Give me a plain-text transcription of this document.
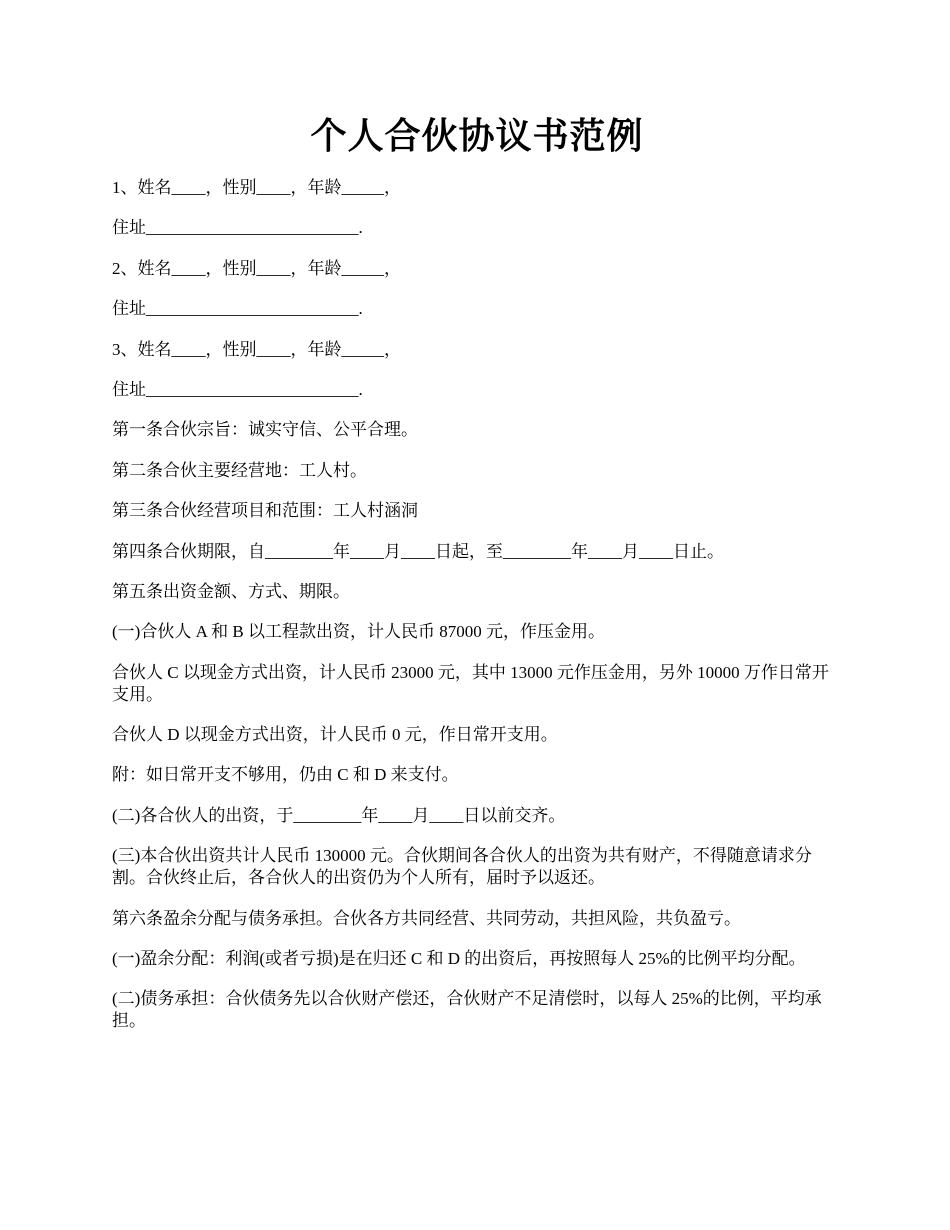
个人合伙协议书范例

1、姓名____，性别____，年龄_____，

住址_________________________.

2、姓名____，性别____，年龄_____，

住址_________________________.

3、姓名____，性别____，年龄_____，

住址_________________________.

第一条合伙宗旨：诚实守信、公平合理。

第二条合伙主要经营地：工人村。

第三条合伙经营项目和范围：工人村涵洞

第四条合伙期限，自________年____月____日起，至________年____月____日止。

第五条出资金额、方式、期限。

(一)合伙人 A 和 B 以工程款出资，计人民币 87000 元，作压金用。

合伙人 C 以现金方式出资，计人民币 23000 元，其中 13000 元作压金用，另外 10000 万作日常开支用。

合伙人 D 以现金方式出资，计人民币 0 元，作日常开支用。

附：如日常开支不够用，仍由 C 和 D 来支付。

(二)各合伙人的出资，于________年____月____日以前交齐。

(三)本合伙出资共计人民币 130000 元。合伙期间各合伙人的出资为共有财产，不得随意请求分割。合伙终止后，各合伙人的出资仍为个人所有，届时予以返还。

第六条盈余分配与债务承担。合伙各方共同经营、共同劳动，共担风险，共负盈亏。

(一)盈余分配：利润(或者亏损)是在归还 C 和 D 的出资后，再按照每人 25%的比例平均分配。

(二)债务承担：合伙债务先以合伙财产偿还，合伙财产不足清偿时，以每人 25%的比例，平均承担。
